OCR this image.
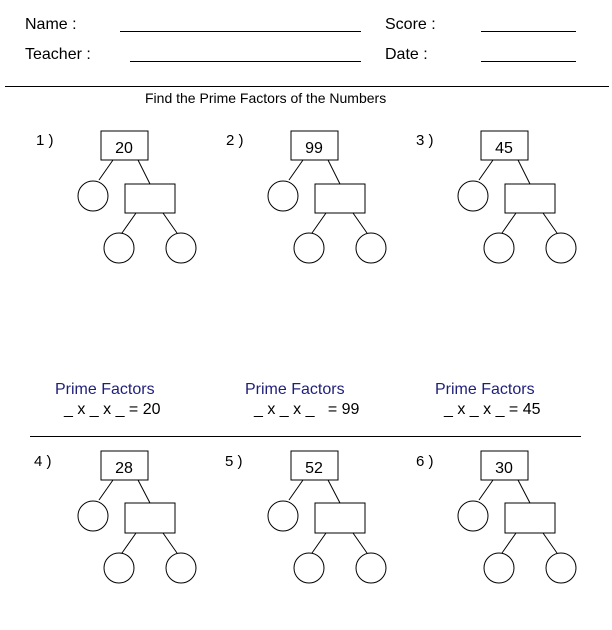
Name :	Score :
Teacher :	Date :
Find the Prime Factors of the Numbers
1 )	2 )	3 )
4 )	5 )	6 )
20	99	45
28	52	30
Prime Factors	Prime Factors	Prime Factors
_ x _ x _ = 20	_ x _ x _   = 99	_ x _ x _ = 45
